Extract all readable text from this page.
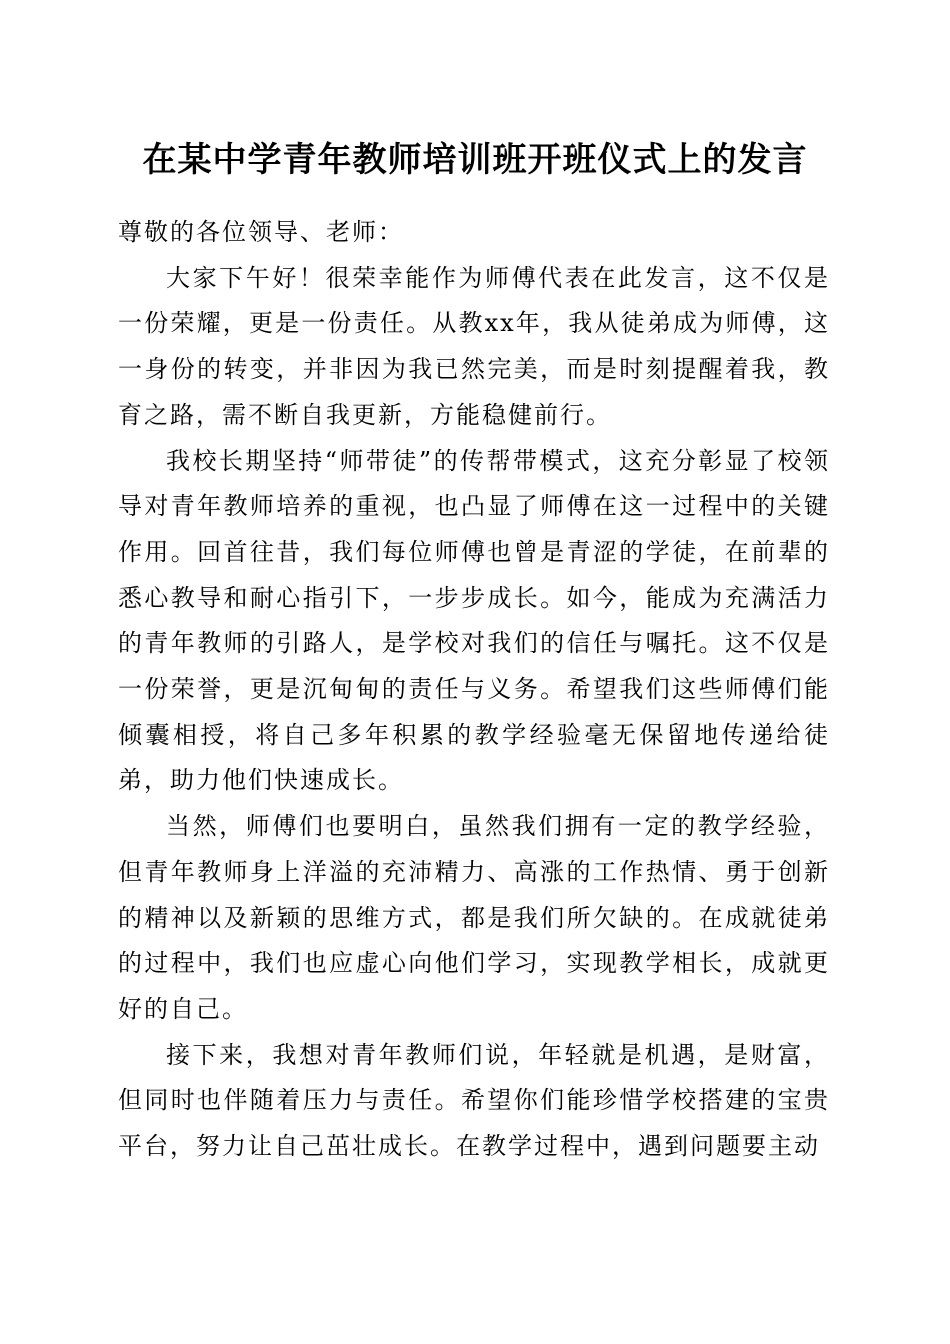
在某中学青年教师培训班开班仪式上的发言

尊敬的各位领导、老师：

大家下午好！很荣幸能作为师傅代表在此发言，这不仅是一份荣耀，更是一份责任。从教xx年，我从徒弟成为师傅，这一身份的转变，并非因为我已然完美，而是时刻提醒着我，教育之路，需不断自我更新，方能稳健前行。

我校长期坚持“师带徒”的传帮带模式，这充分彰显了校领导对青年教师培养的重视，也凸显了师傅在这一过程中的关键作用。回首往昔，我们每位师傅也曾是青涩的学徒，在前辈的悉心教导和耐心指引下，一步步成长。如今，能成为充满活力的青年教师的引路人，是学校对我们的信任与嘱托。这不仅是一份荣誉，更是沉甸甸的责任与义务。希望我们这些师傅们能倾囊相授，将自己多年积累的教学经验毫无保留地传递给徒弟，助力他们快速成长。

当然，师傅们也要明白，虽然我们拥有一定的教学经验，但青年教师身上洋溢的充沛精力、高涨的工作热情、勇于创新的精神以及新颖的思维方式，都是我们所欠缺的。在成就徒弟的过程中，我们也应虚心向他们学习，实现教学相长，成就更好的自己。

接下来，我想对青年教师们说，年轻就是机遇，是财富，但同时也伴随着压力与责任。希望你们能珍惜学校搭建的宝贵平台，努力让自己茁壮成长。在教学过程中，遇到问题要主动
